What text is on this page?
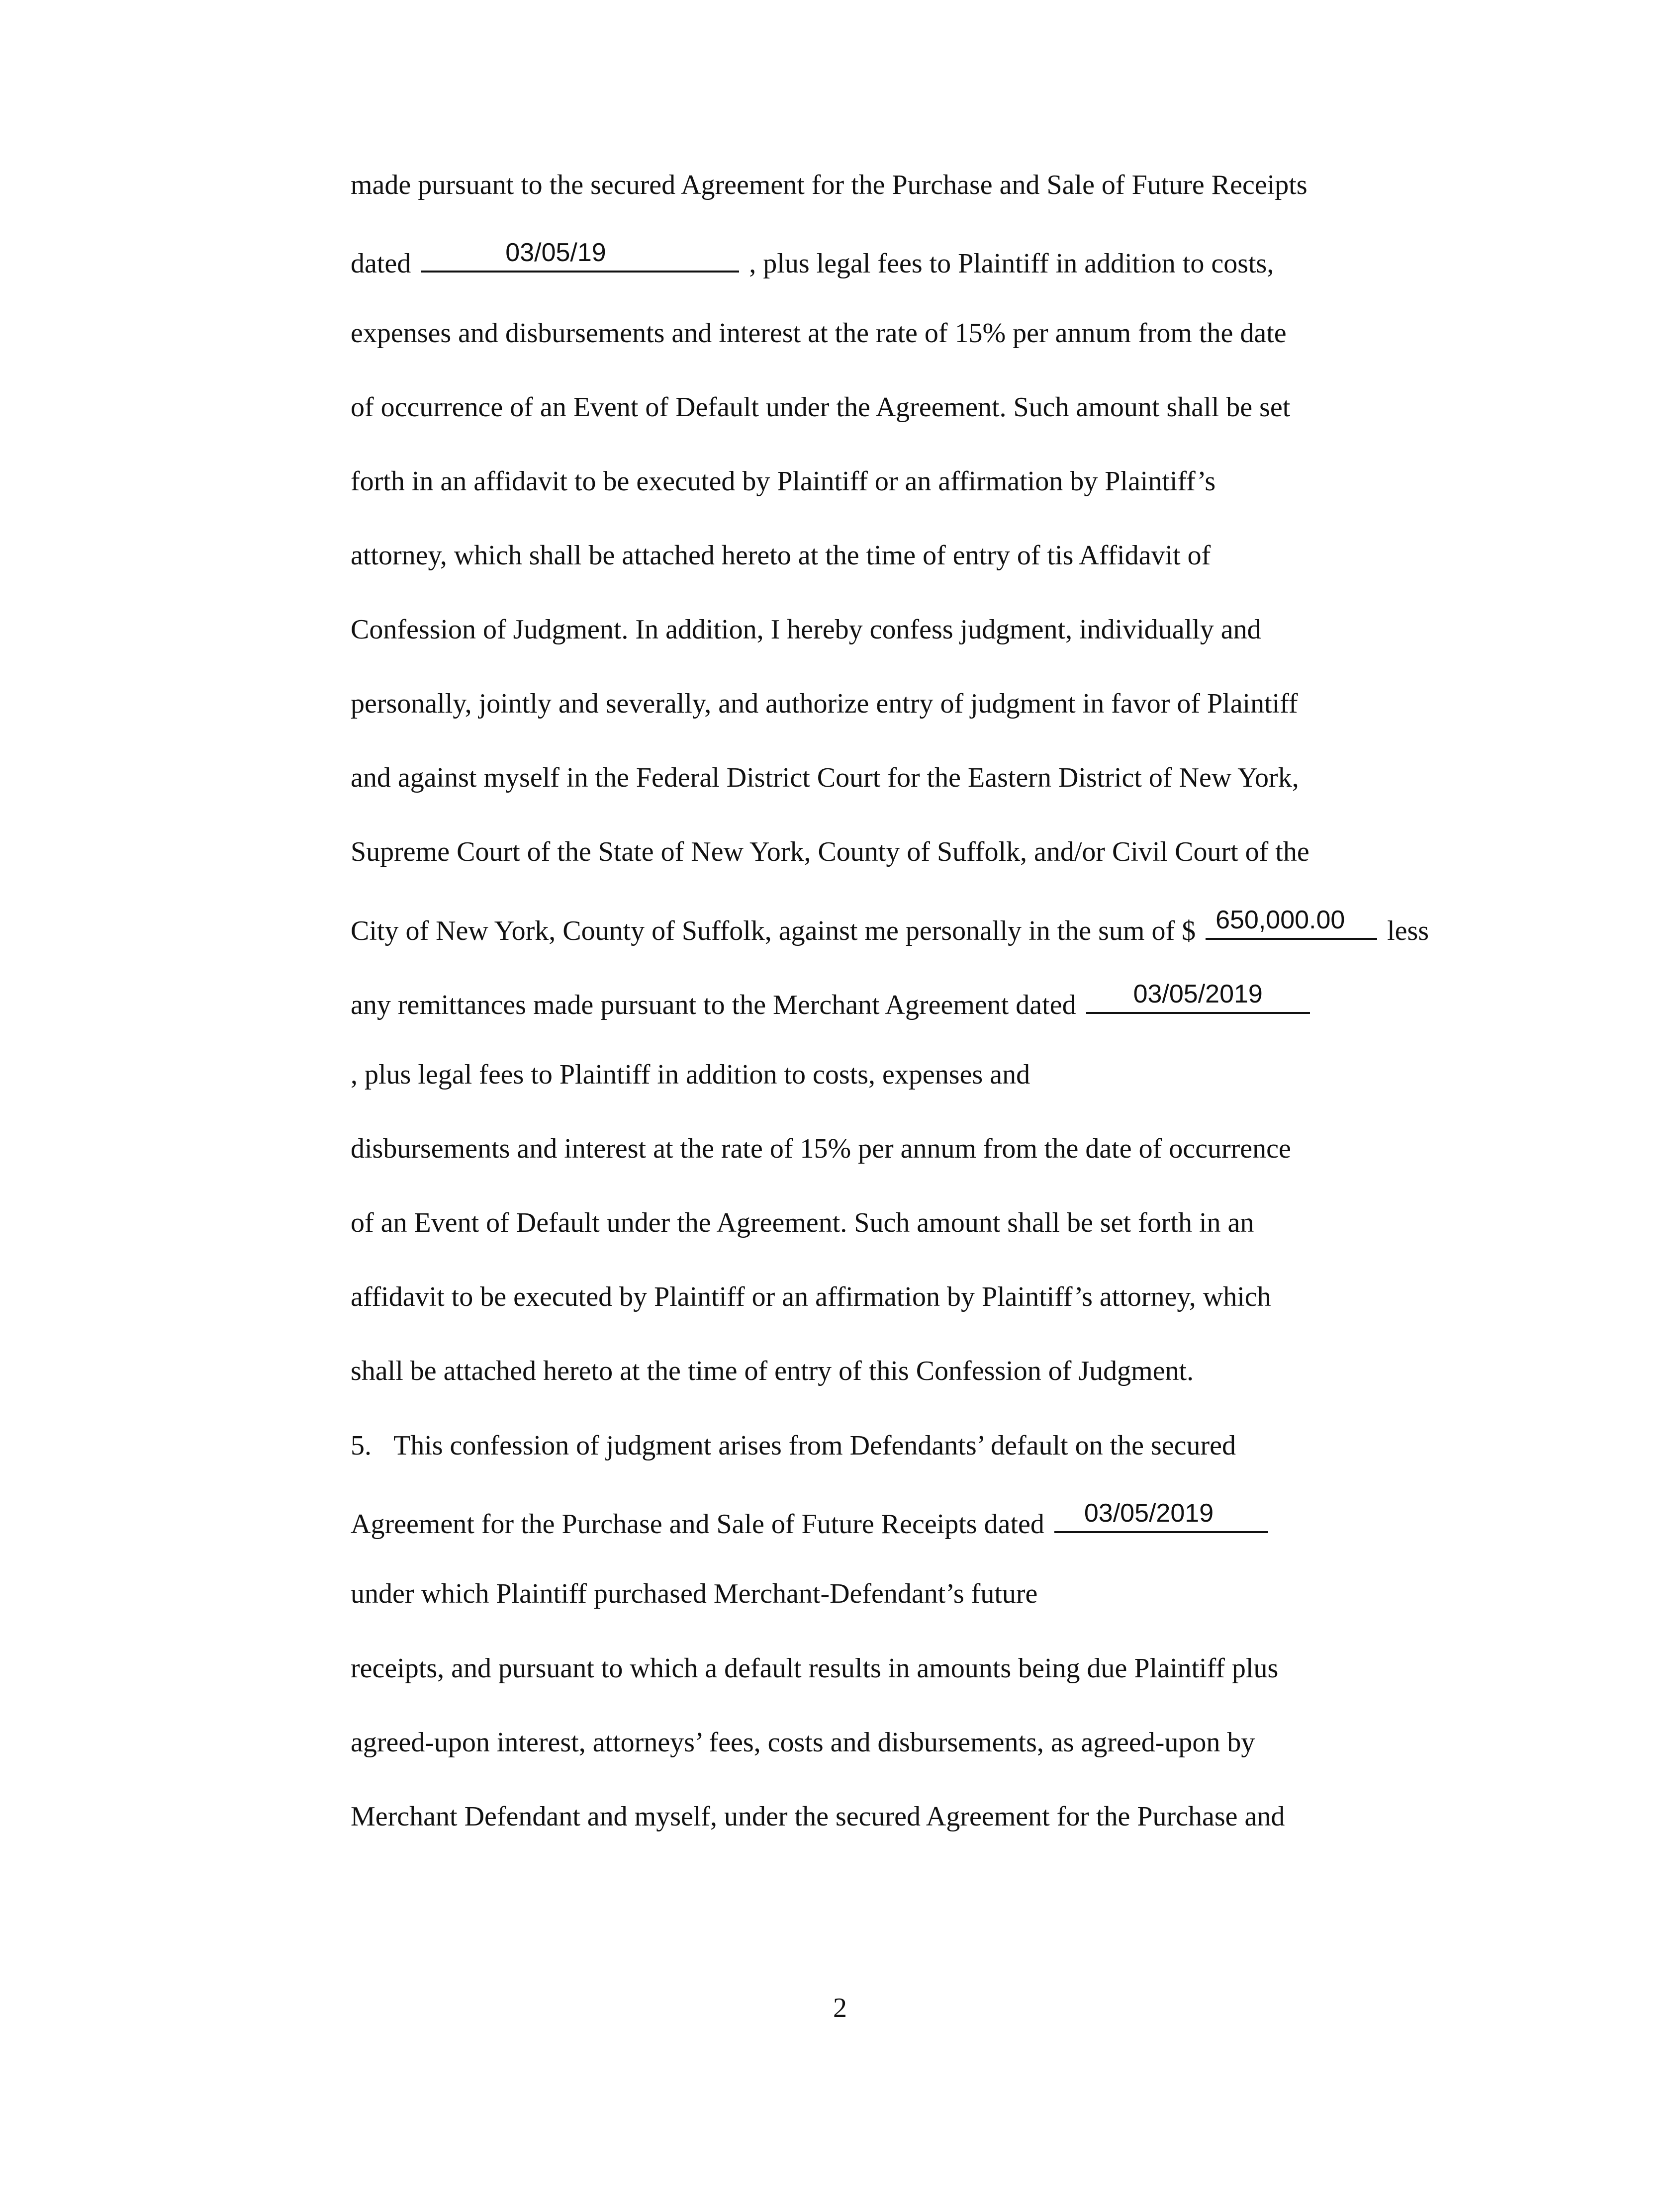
made pursuant to the secured Agreement for the Purchase and Sale of Future Receipts
dated	03/05/19	, plus legal fees to Plaintiff in addition to costs,
expenses and disbursements and interest at the rate of 15% per annum from the date
of occurrence of an Event of Default under the Agreement. Such amount shall be set
forth in an affidavit to be executed by Plaintiff or an affirmation by Plaintiff’s
attorney, which shall be attached hereto at the time of entry of tis Affidavit of
Confession of Judgment. In addition, I hereby confess judgment, individually and
personally, jointly and severally, and authorize entry of judgment in favor of Plaintiff
and against myself in the Federal District Court for the Eastern District of New York,
Supreme Court of the State of New York, County of Suffolk, and/or Civil Court of the
City of New York, County of Suffolk, against me personally in the sum of $ 650,000.00 less
any remittances made pursuant to the Merchant Agreement dated 03/05/2019
, plus legal fees to Plaintiff in addition to costs, expenses and
disbursements and interest at the rate of 15% per annum from the date of occurrence
of an Event of Default under the Agreement. Such amount shall be set forth in an
affidavit to be executed by Plaintiff or an affirmation by Plaintiff’s attorney, which
shall be attached hereto at the time of entry of this Confession of Judgment.
5. This confession of judgment arises from Defendants’ default on the secured
Agreement for the Purchase and Sale of Future Receipts dated 03/05/2019
under which Plaintiff purchased Merchant-Defendant’s future
receipts, and pursuant to which a default results in amounts being due Plaintiff plus
agreed-upon interest, attorneys’ fees, costs and disbursements, as agreed-upon by
Merchant Defendant and myself, under the secured Agreement for the Purchase and
2
